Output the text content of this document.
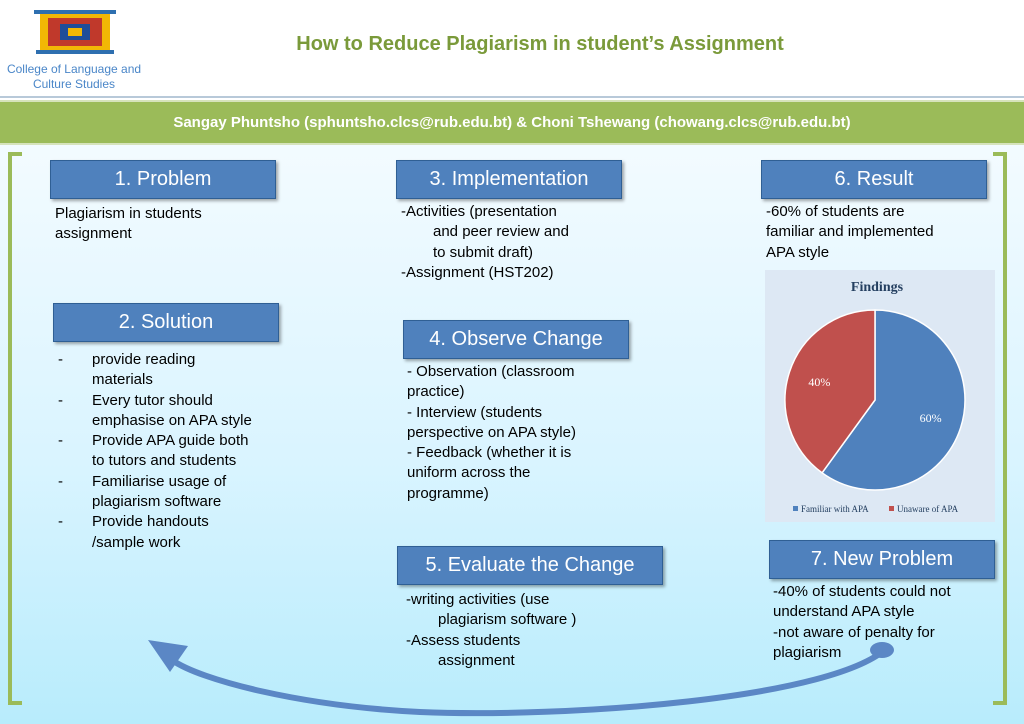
College of Language and Culture Studies
How to Reduce Plagiarism in student’s Assignment
Sangay Phuntsho (sphuntsho.clcs@rub.edu.bt) & Choni Tshewang (chowang.clcs@rub.edu.bt)
1. Problem

Plagiarism in students

assignment

2. Solution
- provide reading materials
- Every tutor should emphasise on APA style
- Provide APA guide both to tutors and students
- Familiarise usage of plagiarism software
- Provide handouts /sample work
3. Implementation

-Activities (presentation

and peer review and

to submit draft)

-Assignment (HST202)

4. Observe Change

- Observation (classroom

practice)

- Interview (students

perspective on APA style)

- Feedback (whether it is

uniform across the

programme)

5. Evaluate the Change

-writing activities (use

plagiarism software )

-Assess students

assignment

6. Result

-60% of students are

familiar and implemented

APA style

Findings
60%
40%
Familiar with APA	Unaware of APA
7. New Problem

-40% of students could not

understand APA style

-not aware of penalty for

plagiarism
